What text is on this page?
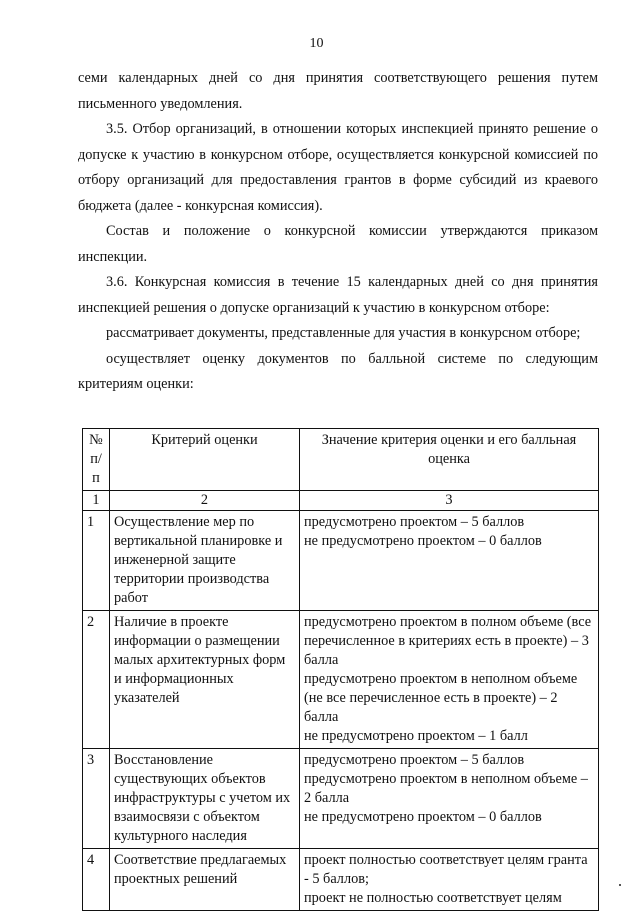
10

семи календарных дней со дня принятия соответствующего решения путем письменного уведомления.

3.5. Отбор организаций, в отношении которых инспекцией принято решение о допуске к участию в конкурсном отборе, осуществляется конкурсной комиссией по отбору организаций для предоставления грантов в форме субсидий из краевого бюджета (далее - конкурсная комиссия).

Состав и положение о конкурсной комиссии утверждаются приказом инспекции.

3.6. Конкурсная комиссия в течение 15 календарных дней со дня принятия инспекцией решения о допуске организаций к участию в конкурсном отборе:

рассматривает документы, представленные для участия в конкурсном отборе;

осуществляет оценку документов по балльной системе по следующим критериям оценки:

№ п/п	Критерий оценки	Значение критерия оценки и его балльная оценка
1	2	3
1	Осуществление мер по вертикальной планировке и инженерной защите территории производства работ	предусмотрено проектом – 5 баллов
не предусмотрено проектом – 0 баллов

2	Наличие в проекте информации о размещении малых архитектурных форм и информационных указателей	предусмотрено проектом в полном объеме (все перечисленное в критериях есть в проекте) – 3 балла
предусмотрено проектом в неполном объеме (не все перечисленное есть в проекте) – 2 балла
не предусмотрено проектом – 1 балл

3	Восстановление существующих объектов инфраструктуры с учетом их взаимосвязи с объектом культурного наследия	предусмотрено проектом – 5 баллов
предусмотрено проектом в неполном объеме – 2 балла
не предусмотрено проектом – 0 баллов

4	Соответствие предлагаемых проектных решений	проект полностью соответствует целям гранта - 5 баллов;
проект не полностью соответствует целям
